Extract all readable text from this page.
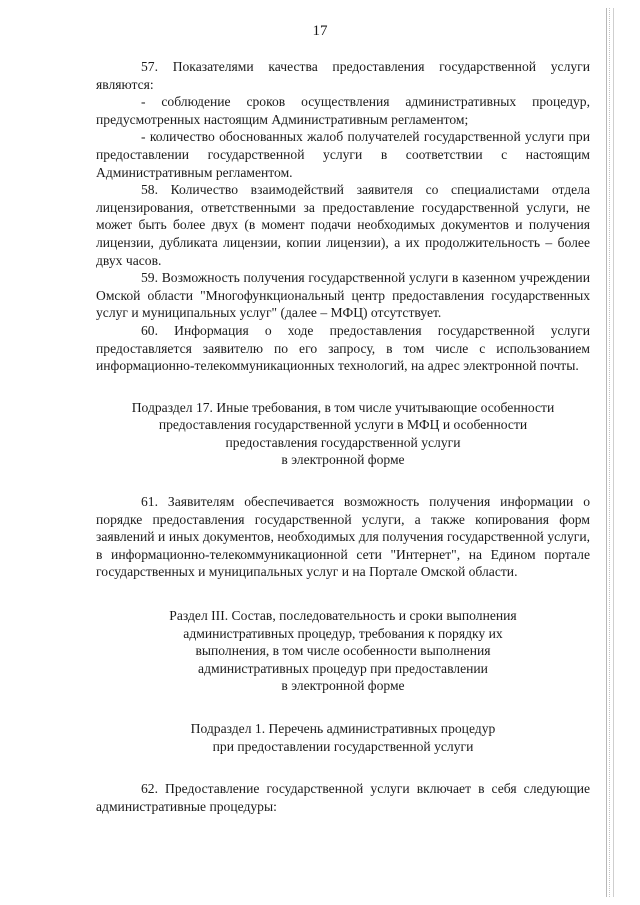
17

57. Показателями качества предоставления государственной услуги являются:

- соблюдение сроков осуществления административных процедур, предусмотренных настоящим Административным регламентом;

- количество обоснованных жалоб получателей государственной услуги при предоставлении государственной услуги в соответствии с настоящим Административным регламентом.

58. Количество взаимодействий заявителя со специалистами отдела лицензирования, ответственными за предоставление государственной услуги, не может быть более двух (в момент подачи необходимых документов и получения лицензии, дубликата лицензии, копии лицензии), а их продолжительность – более двух часов.

59. Возможность получения государственной услуги в казенном учреждении Омской области "Многофункциональный центр предоставления государственных услуг и муниципальных услуг" (далее – МФЦ) отсутствует.

60. Информация о ходе предоставления государственной услуги предоставляется заявителю по его запросу, в том числе с использованием информационно-телекоммуникационных технологий, на адрес электронной почты.

Подраздел 17. Иные требования, в том числе учитывающие особенности

предоставления государственной услуги в МФЦ и особенности

предоставления государственной услуги

в электронной форме

61. Заявителям обеспечивается возможность получения информации о порядке предоставления государственной услуги, а также копирования форм заявлений и иных документов, необходимых для получения государственной услуги, в информационно-телекоммуникационной сети "Интернет", на Едином портале государственных и муниципальных услуг и на Портале Омской области.

Раздел III. Состав, последовательность и сроки выполнения

административных процедур, требования к порядку их

выполнения, в том числе особенности выполнения

административных процедур при предоставлении

в электронной форме

Подраздел 1. Перечень административных процедур

при предоставлении государственной услуги

62. Предоставление государственной услуги включает в себя следующие административные процедуры:
